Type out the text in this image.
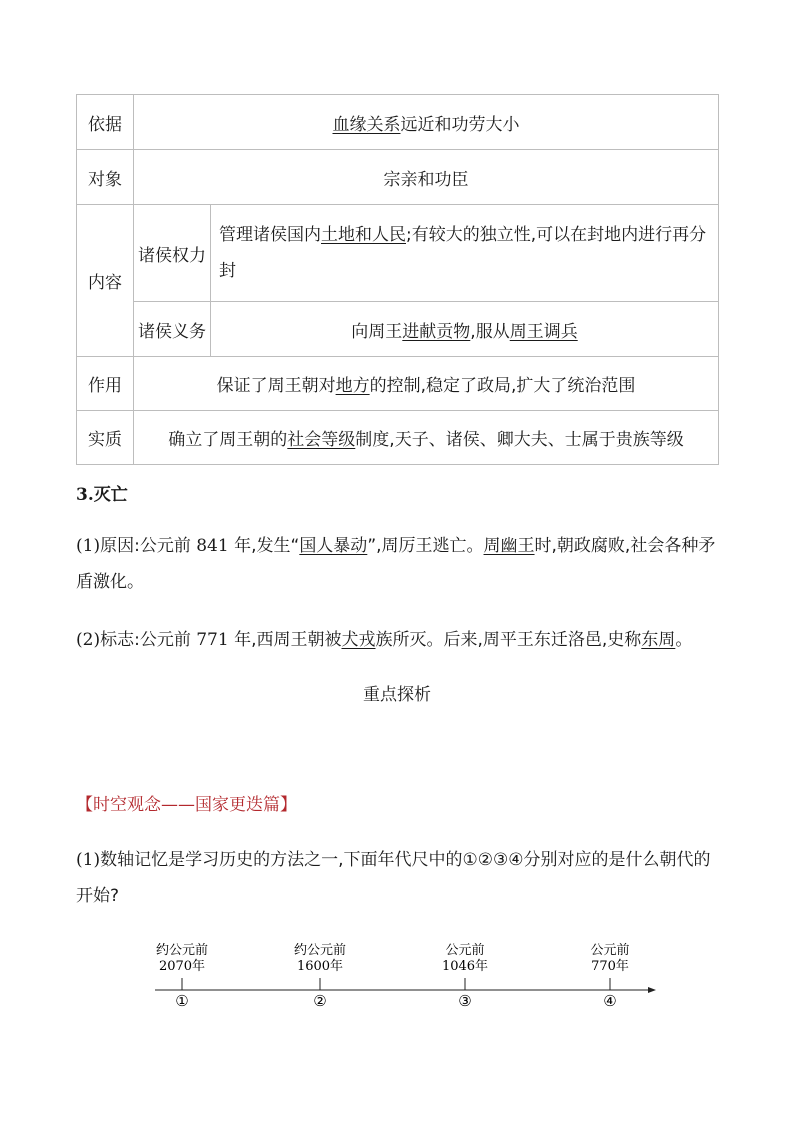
依据	血缘关系远近和功劳大小	
对象	宗亲和功臣	
内容	诸侯权力	管理诸侯国内土地和人民;有较大的独立性,可以在封地内进行再分封
	诸侯义务	向周王进献贡物,服从周王调兵
作用	保证了周王朝对地方的控制,稳定了政局,扩大了统治范围	
实质	确立了周王朝的社会等级制度,天子、诸侯、卿大夫、士属于贵族等级	
3.灭亡
(1)原因:公元前 841 年,发生“国人暴动”,周厉王逃亡。周幽王时,朝政腐败,社会各种矛盾激化。
(2)标志:公元前 771 年,西周王朝被犬戎族所灭。后来,周平王东迁洛邑,史称东周。
重点探析
【时空观念——国家更迭篇】
(1)数轴记忆是学习历史的方法之一,下面年代尺中的①②③④分别对应的是什么朝代的开始?
约公元前
2070年
①
约公元前
1600年
②
公元前
1046年
③
公元前
770年
④
